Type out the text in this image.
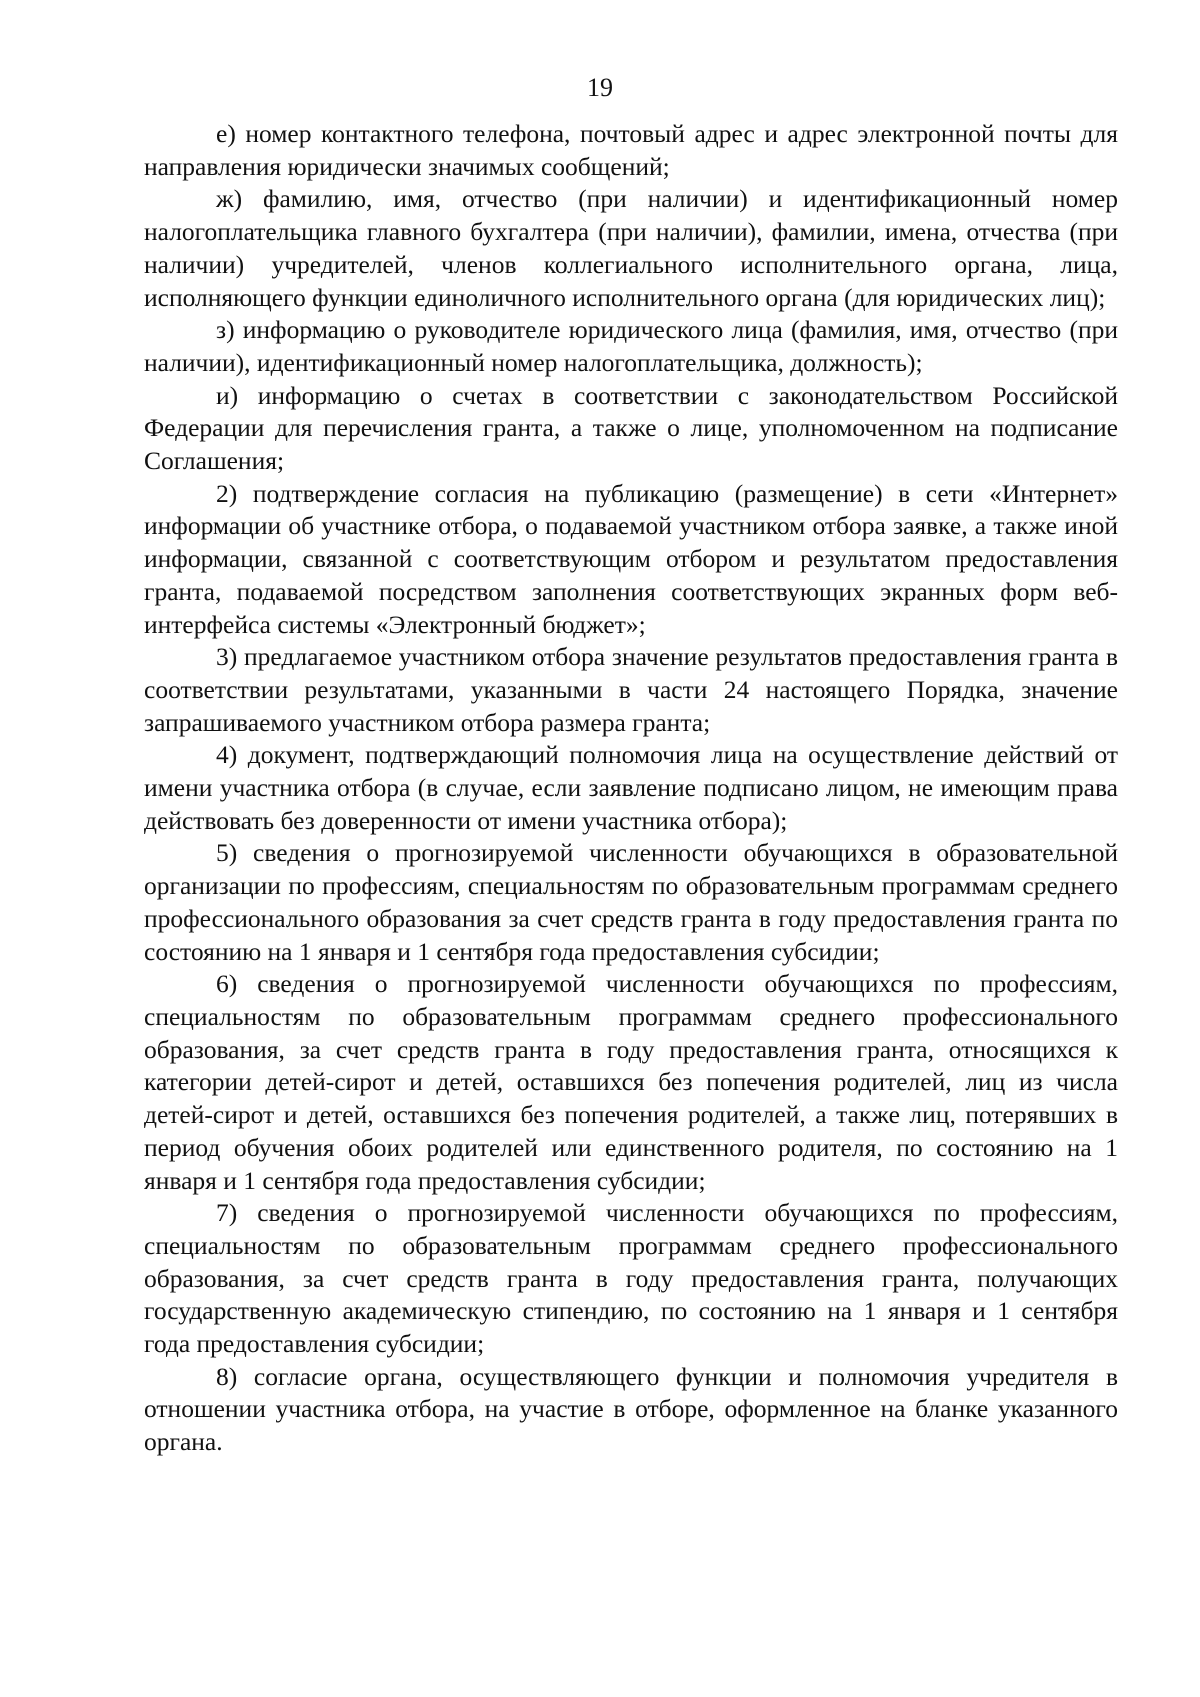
19

е) номер контактного телефона, почтовый адрес и адрес электронной почты для направления юридически значимых сообщений;

ж) фамилию, имя, отчество (при наличии) и идентификационный номер налогоплательщика главного бухгалтера (при наличии), фамилии, имена, отчества (при наличии) учредителей, членов коллегиального исполнительного органа, лица, исполняющего функции единоличного исполнительного органа (для юридических лиц);

з) информацию о руководителе юридического лица (фамилия, имя, отчество (при наличии), идентификационный номер налогоплательщика, должность);

и) информацию о счетах в соответствии с законодательством Российской Федерации для перечисления гранта, а также о лице, уполномоченном на подписание Соглашения;

2) подтверждение согласия на публикацию (размещение) в сети «Интернет» информации об участнике отбора, о подаваемой участником отбора заявке, а также иной информации, связанной с соответствующим отбором и результатом предоставления гранта, подаваемой посредством заполнения соответствующих экранных форм веб-интерфейса системы «Электронный бюджет»;

3) предлагаемое участником отбора значение результатов предоставления гранта в соответствии результатами, указанными в части 24 настоящего Порядка, значение запрашиваемого участником отбора размера гранта;

4) документ, подтверждающий полномочия лица на осуществление действий от имени участника отбора (в случае, если заявление подписано лицом, не имеющим права действовать без доверенности от имени участника отбора);

5) сведения о прогнозируемой численности обучающихся в образовательной организации по профессиям, специальностям по образовательным программам среднего профессионального образования за счет средств гранта в году предоставления гранта по состоянию на 1 января и 1 сентября года предоставления субсидии;

6) сведения о прогнозируемой численности обучающихся по профессиям, специальностям по образовательным программам среднего профессионального образования, за счет средств гранта в году предоставления гранта, относящихся к категории детей-сирот и детей, оставшихся без попечения родителей, лиц из числа детей-сирот и детей, оставшихся без попечения родителей, а также лиц, потерявших в период обучения обоих родителей или единственного родителя, по состоянию на 1 января и 1 сентября года предоставления субсидии;

7) сведения о прогнозируемой численности обучающихся по профессиям, специальностям по образовательным программам среднего профессионального образования, за счет средств гранта в году предоставления гранта, получающих государственную академическую стипендию, по состоянию на 1 января и 1 сентября года предоставления субсидии;

8) согласие органа, осуществляющего функции и полномочия учредителя в отношении участника отбора, на участие в отборе, оформленное на бланке указанного органа.
